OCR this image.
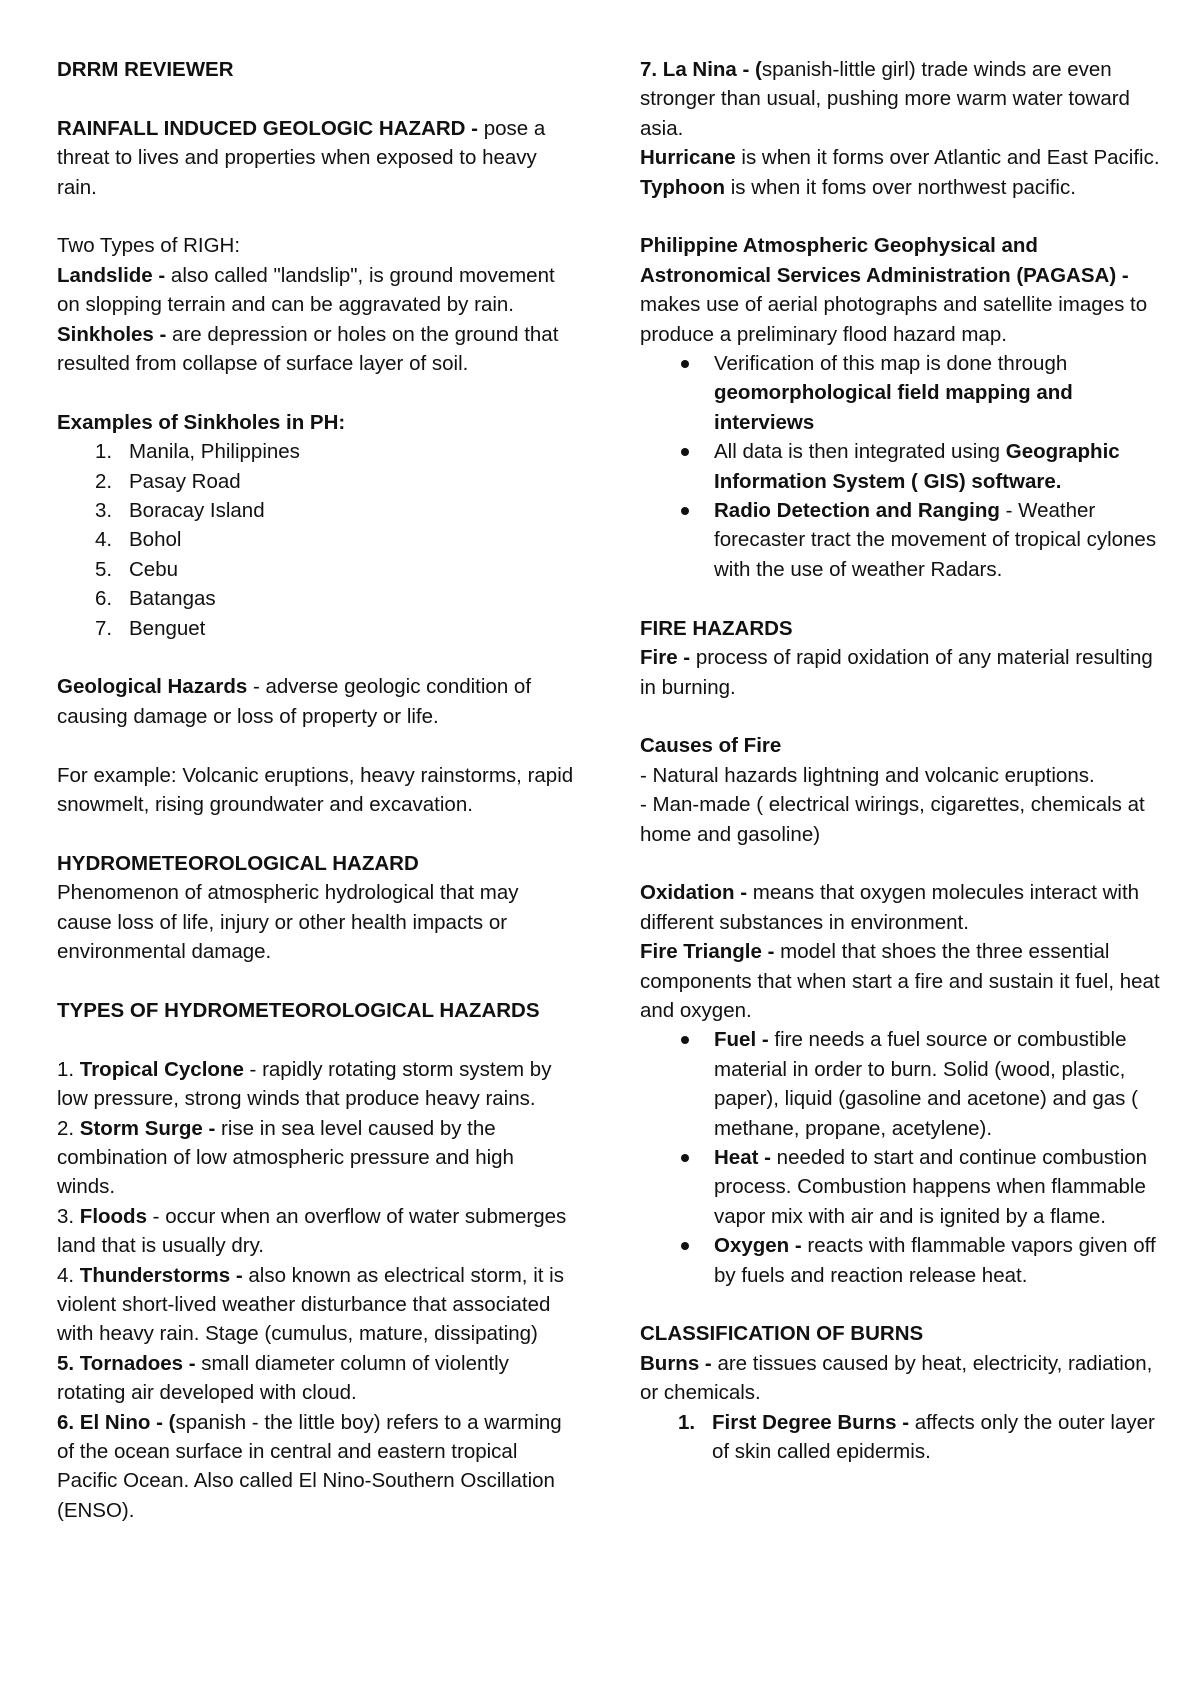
DRRM REVIEWER

RAINFALL INDUCED GEOLOGIC HAZARD - pose a threat to lives and properties when exposed to heavy rain.

Two Types of RIGH:

Landslide - also called "landslip", is ground movement on slopping terrain and can be aggravated by rain.

Sinkholes - are depression or holes on the ground that resulted from collapse of surface layer of soil.

Examples of Sinkholes in PH:

1. Manila, Philippines
2. Pasay Road
3. Boracay Island
4. Bohol
5. Cebu
6. Batangas
7. Benguet

Geological Hazards - adverse geologic condition of causing damage or loss of property or life.

For example: Volcanic eruptions, heavy rainstorms, rapid snowmelt, rising groundwater and excavation.

HYDROMETEOROLOGICAL HAZARD

Phenomenon of atmospheric hydrological that may cause loss of life, injury or other health impacts or environmental damage.

TYPES OF HYDROMETEOROLOGICAL HAZARDS

1. Tropical Cyclone - rapidly rotating storm system by low pressure, strong winds that produce heavy rains.

2. Storm Surge - rise in sea level caused by the combination of low atmospheric pressure and high winds.

3. Floods - occur when an overflow of water submerges land that is usually dry.

4. Thunderstorms - also known as electrical storm, it is violent short-lived weather disturbance that associated with heavy rain. Stage (cumulus, mature, dissipating)

5. Tornadoes - small diameter column of violently rotating air developed with cloud.

6. El Nino - (spanish - the little boy) refers to a warming of the ocean surface in central and eastern tropical Pacific Ocean. Also called El Nino-Southern Oscillation (ENSO).

7. La Nina - (spanish-little girl) trade winds are even stronger than usual, pushing more warm water toward asia.

Hurricane is when it forms over Atlantic and East Pacific. Typhoon is when it foms over northwest pacific.

Philippine Atmospheric Geophysical and Astronomical Services Administration (PAGASA) - makes use of aerial photographs and satellite images to produce a preliminary flood hazard map.

Verification of this map is done through geomorphological field mapping and interviews
All data is then integrated using Geographic Information System ( GIS) software.
Radio Detection and Ranging - Weather forecaster tract the movement of tropical cylones with the use of weather Radars.

FIRE HAZARDS

Fire - process of rapid oxidation of any material resulting in burning.

Causes of Fire

- Natural hazards lightning and volcanic eruptions.

- Man-made ( electrical wirings, cigarettes, chemicals at home and gasoline)

Oxidation - means that oxygen molecules interact with different substances in environment.

Fire Triangle - model that shoes the three essential components that when start a fire and sustain it fuel, heat and oxygen.

Fuel - fire needs a fuel source or combustible material in order to burn. Solid (wood, plastic, paper), liquid (gasoline and acetone) and gas ( methane, propane, acetylene).
Heat - needed to start and continue combustion process. Combustion happens when flammable vapor mix with air and is ignited by a flame.
Oxygen - reacts with flammable vapors given off by fuels and reaction release heat.

CLASSIFICATION OF BURNS

Burns - are tissues caused by heat, electricity, radiation, or chemicals.

1. First Degree Burns - affects only the outer layer of skin called epidermis.
